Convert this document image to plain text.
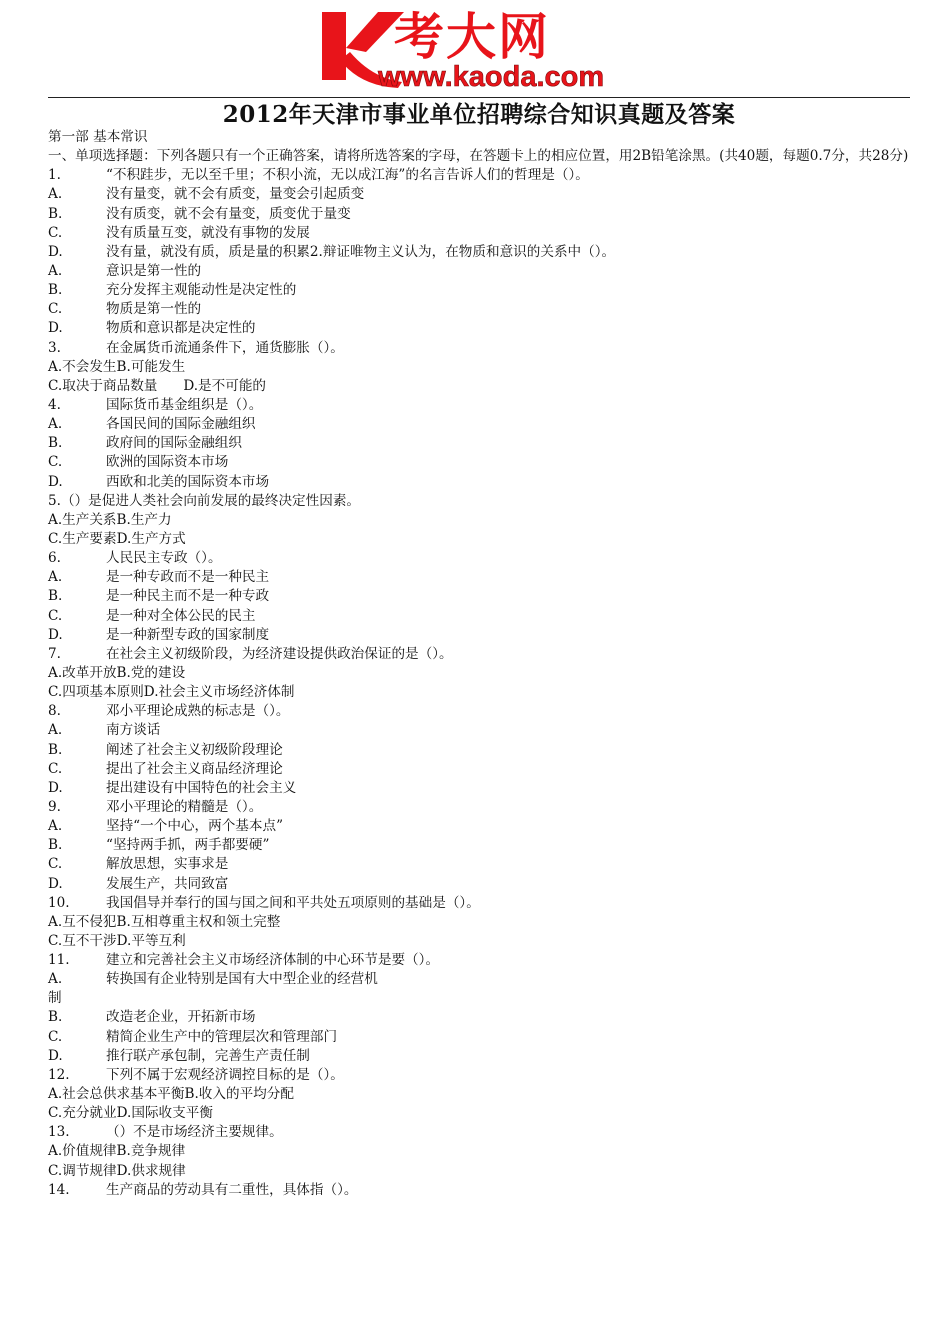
考大网
www.kaoda.com
2012年天津市事业单位招聘综合知识真题及答案
第一部 基本常识
一、单项选择题：下列各题只有一个正确答案，请将所选答案的字母，在答题卡上的相应位置，用2B铅笔涂黑。(共40题，每题0.7分，共28分)
1.	“不积跬步，无以至千里；不积小流，无以成江海”的名言告诉人们的哲理是（）。
A.	没有量变，就不会有质变，量变会引起质变
B.	没有质变，就不会有量变，质变优于量变
C.	没有质量互变，就没有事物的发展
D.	没有量，就没有质，质是量的积累2.辩证唯物主义认为，在物质和意识的关系中（）。
A.	意识是第一性的
B.	充分发挥主观能动性是决定性的
C.	物质是第一性的
D.	物质和意识都是决定性的
3.	在金属货币流通条件下，通货膨胀（）。
A.不会发生B.可能发生
C.取决于商品数量      D.是不可能的
4.	国际货币基金组织是（）。
A.	各国民间的国际金融组织
B.	政府间的国际金融组织
C.	欧洲的国际资本市场
D.	西欧和北美的国际资本市场
5.（）是促进人类社会向前发展的最终决定性因素。
A.生产关系B.生产力
C.生产要素D.生产方式
6.	人民民主专政（）。
A.	是一种专政而不是一种民主
B.	是一种民主而不是一种专政
C.	是一种对全体公民的民主
D.	是一种新型专政的国家制度
7.	在社会主义初级阶段，为经济建设提供政治保证的是（）。
A.改革开放B.党的建设
C.四项基本原则D.社会主义市场经济体制
8.	邓小平理论成熟的标志是（）。
A.	南方谈话
B.	阐述了社会主义初级阶段理论
C.	提出了社会主义商品经济理论
D.	提出建设有中国特色的社会主义
9.	邓小平理论的精髓是（）。
A.	坚持“一个中心，两个基本点”
B.	“坚持两手抓，两手都要硬”
C.	解放思想，实事求是
D.	发展生产，共同致富
10.	我国倡导并奉行的国与国之间和平共处五项原则的基础是（）。
A.互不侵犯B.互相尊重主权和领土完整
C.互不干涉D.平等互利
11.	建立和完善社会主义市场经济体制的中心环节是要（）。
A.	转换国有企业特别是国有大中型企业的经营机
制
B.	改造老企业，开拓新市场
C.	精简企业生产中的管理层次和管理部门
D.	推行联产承包制，完善生产责任制
12.	下列不属于宏观经济调控目标的是（）。
A.社会总供求基本平衡B.收入的平均分配
C.充分就业D.国际收支平衡
13.	（）不是市场经济主要规律。
A.价值规律B.竞争规律
C.调节规律D.供求规律
14.	生产商品的劳动具有二重性，具体指（）。
